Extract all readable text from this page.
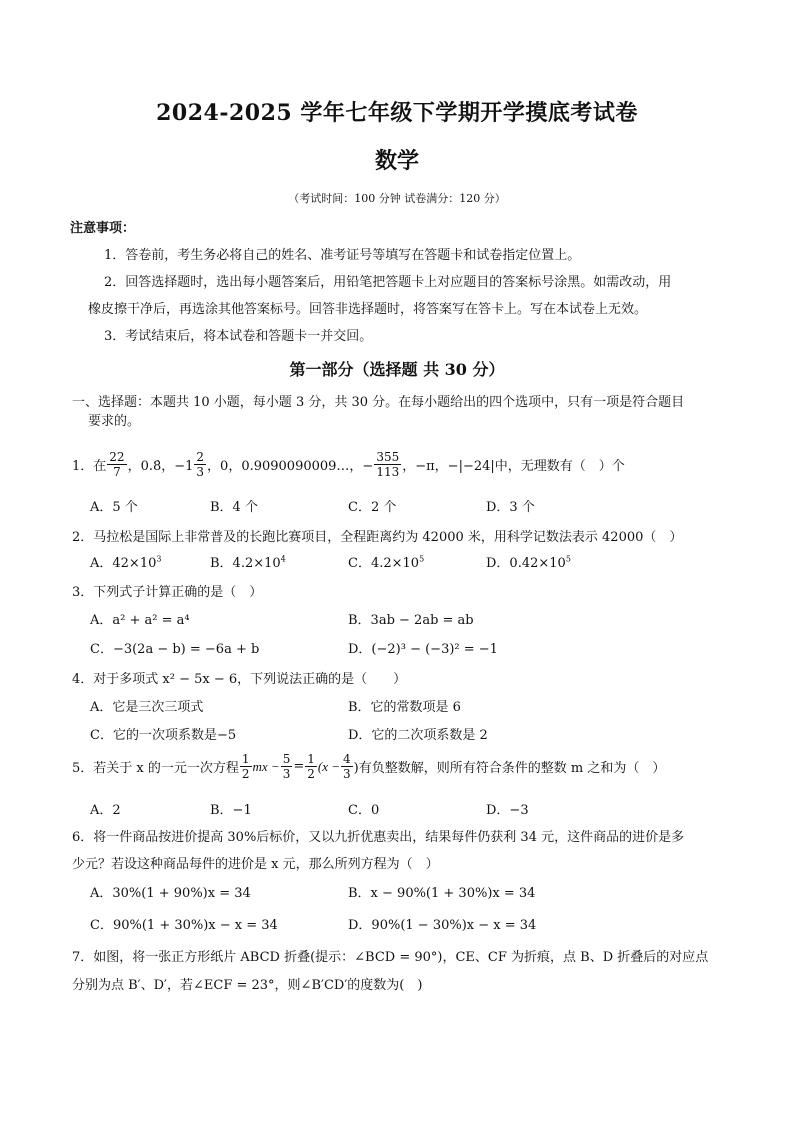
2024-2025 学年七年级下学期开学摸底考试卷
数学
（考试时间：100 分钟 试卷满分：120 分）
注意事项：
1．答卷前，考生务必将自己的姓名、准考证号等填写在答题卡和试卷指定位置上。
2．回答选择题时，选出每小题答案后，用铅笔把答题卡上对应题目的答案标号涂黑。如需改动，用
橡皮擦干净后，再选涂其他答案标号。回答非选择题时，将答案写在答卡上。写在本试卷上无效。
3．考试结束后，将本试卷和答题卡一并交回。
第一部分（选择题 共 30 分）
一、选择题：本题共 10 小题，每小题 3 分，共 30 分。在每小题给出的四个选项中，只有一项是符合题目
要求的。
1．在 $\frac{22}{7}$ ，0.8̇，$-1 \frac{2}{3}$ ，0，0.9090090009…，− $\frac{355}{113}$ ，−π，−|−24|中，无理数有（　）个
A．5 个	B．4 个	C．2 个	D．3 个
2．马拉松是国际上非常普及的长跑比赛项目，全程距离约为 42000 米，用科学记数法表示 42000（　）
A．$42\times 10^3$	B．$4.2\times 10^4$	C．$4.2\times 10^5$	D．$0.42\times 10^5$
3．下列式子计算正确的是（　）
A．a² + a² = a⁴	B．3ab − 2ab = ab
C．−3(2a − b) = −6a + b	D．(−2)³ − (−3)² = −1
4．对于多项式 x² − 5x − 6，下列说法正确的是（　　）
A．它是三次三项式	B．它的常数项是 6
C．它的一次项系数是−5	D．它的二次项系数是 2
5．若关于 x 的一元一次方程 $\frac{1}{2}$ mx − $\frac{5}{3} = \frac{1}{2} (x - \frac{4}{3}$ )有负整数解，则所有符合条件的整数 m 之和为（　）
A．2	B．−1	C．0	D．−3
6．将一件商品按进价提高 30%后标价，又以九折优惠卖出，结果每件仍获利 34 元，这件商品的进价是多
少元？若设这种商品每件的进价是 x 元，那么所列方程为（　）
A．30%(1 + 90%)x = 34	B．x − 90%(1 + 30%)x = 34
C．90%(1 + 30%)x − x = 34	D．90%(1 − 30%)x − x = 34
7．如图，将一张正方形纸片 ABCD 折叠(提示：∠BCD = 90°)，CE、CF 为折痕，点 B、D 折叠后的对应点
分别为点 B′、D′，若∠ECF = 23°，则∠B′CD′的度数为(　)
